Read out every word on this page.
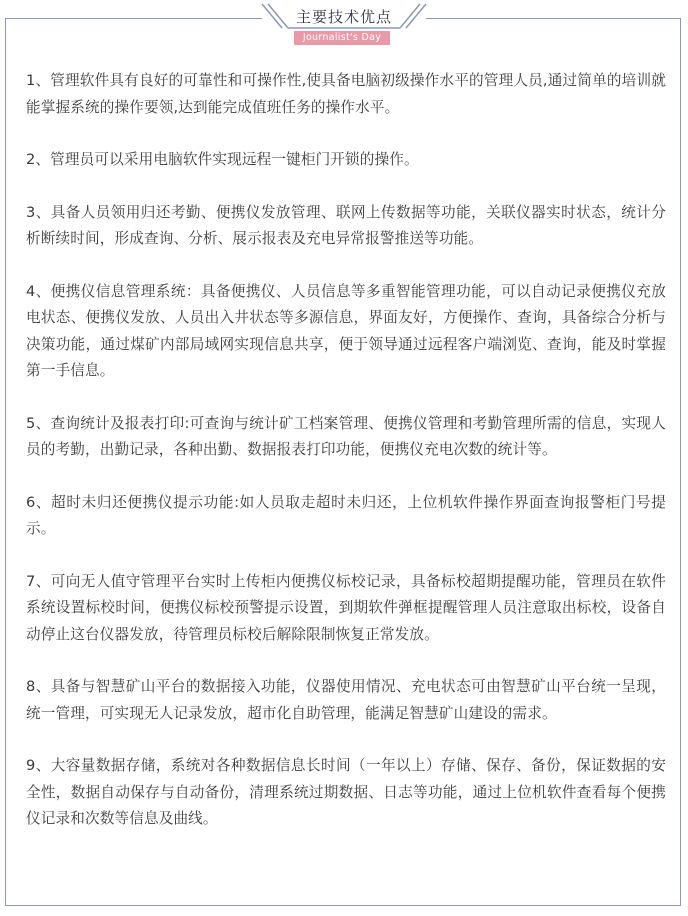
主要技术优点
Journalist's Day

1、管理软件具有良好的可靠性和可操作性,使具备电脑初级操作水平的管理人员,通过简单的培训就能掌握系统的操作要领,达到能完成值班任务的操作水平。

2、管理员可以采用电脑软件实现远程一键柜门开锁的操作。

3、具备人员领用归还考勤、便携仪发放管理、联网上传数据等功能，关联仪器实时状态，统计分析断续时间，形成查询、分析、展示报表及充电异常报警推送等功能。

4、便携仪信息管理系统：具备便携仪、人员信息等多重智能管理功能，可以自动记录便携仪充放电状态、便携仪发放、人员出入井状态等多源信息，界面友好，方便操作、查询，具备综合分析与决策功能，通过煤矿内部局域网实现信息共享，便于领导通过远程客户端浏览、查询，能及时掌握第一手信息。

5、查询统计及报表打印:可查询与统计矿工档案管理、便携仪管理和考勤管理所需的信息，实现人员的考勤，出勤记录，各种出勤、数据报表打印功能，便携仪充电次数的统计等。

6、超时未归还便携仪提示功能:如人员取走超时未归还，上位机软件操作界面查询报警柜门号提示。

7、可向无人值守管理平台实时上传柜内便携仪标校记录，具备标校超期提醒功能，管理员在软件系统设置标校时间，便携仪标校预警提示设置，到期软件弹框提醒管理人员注意取出标校，设备自动停止这台仪器发放，待管理员标校后解除限制恢复正常发放。

8、具备与智慧矿山平台的数据接入功能，仪器使用情况、充电状态可由智慧矿山平台统一呈现，统一管理，可实现无人记录发放，超市化自助管理，能满足智慧矿山建设的需求。

9、大容量数据存储，系统对各种数据信息长时间（一年以上）存储、保存、备份，保证数据的安全性，数据自动保存与自动备份，清理系统过期数据、日志等功能，通过上位机软件查看每个便携仪记录和次数等信息及曲线。
